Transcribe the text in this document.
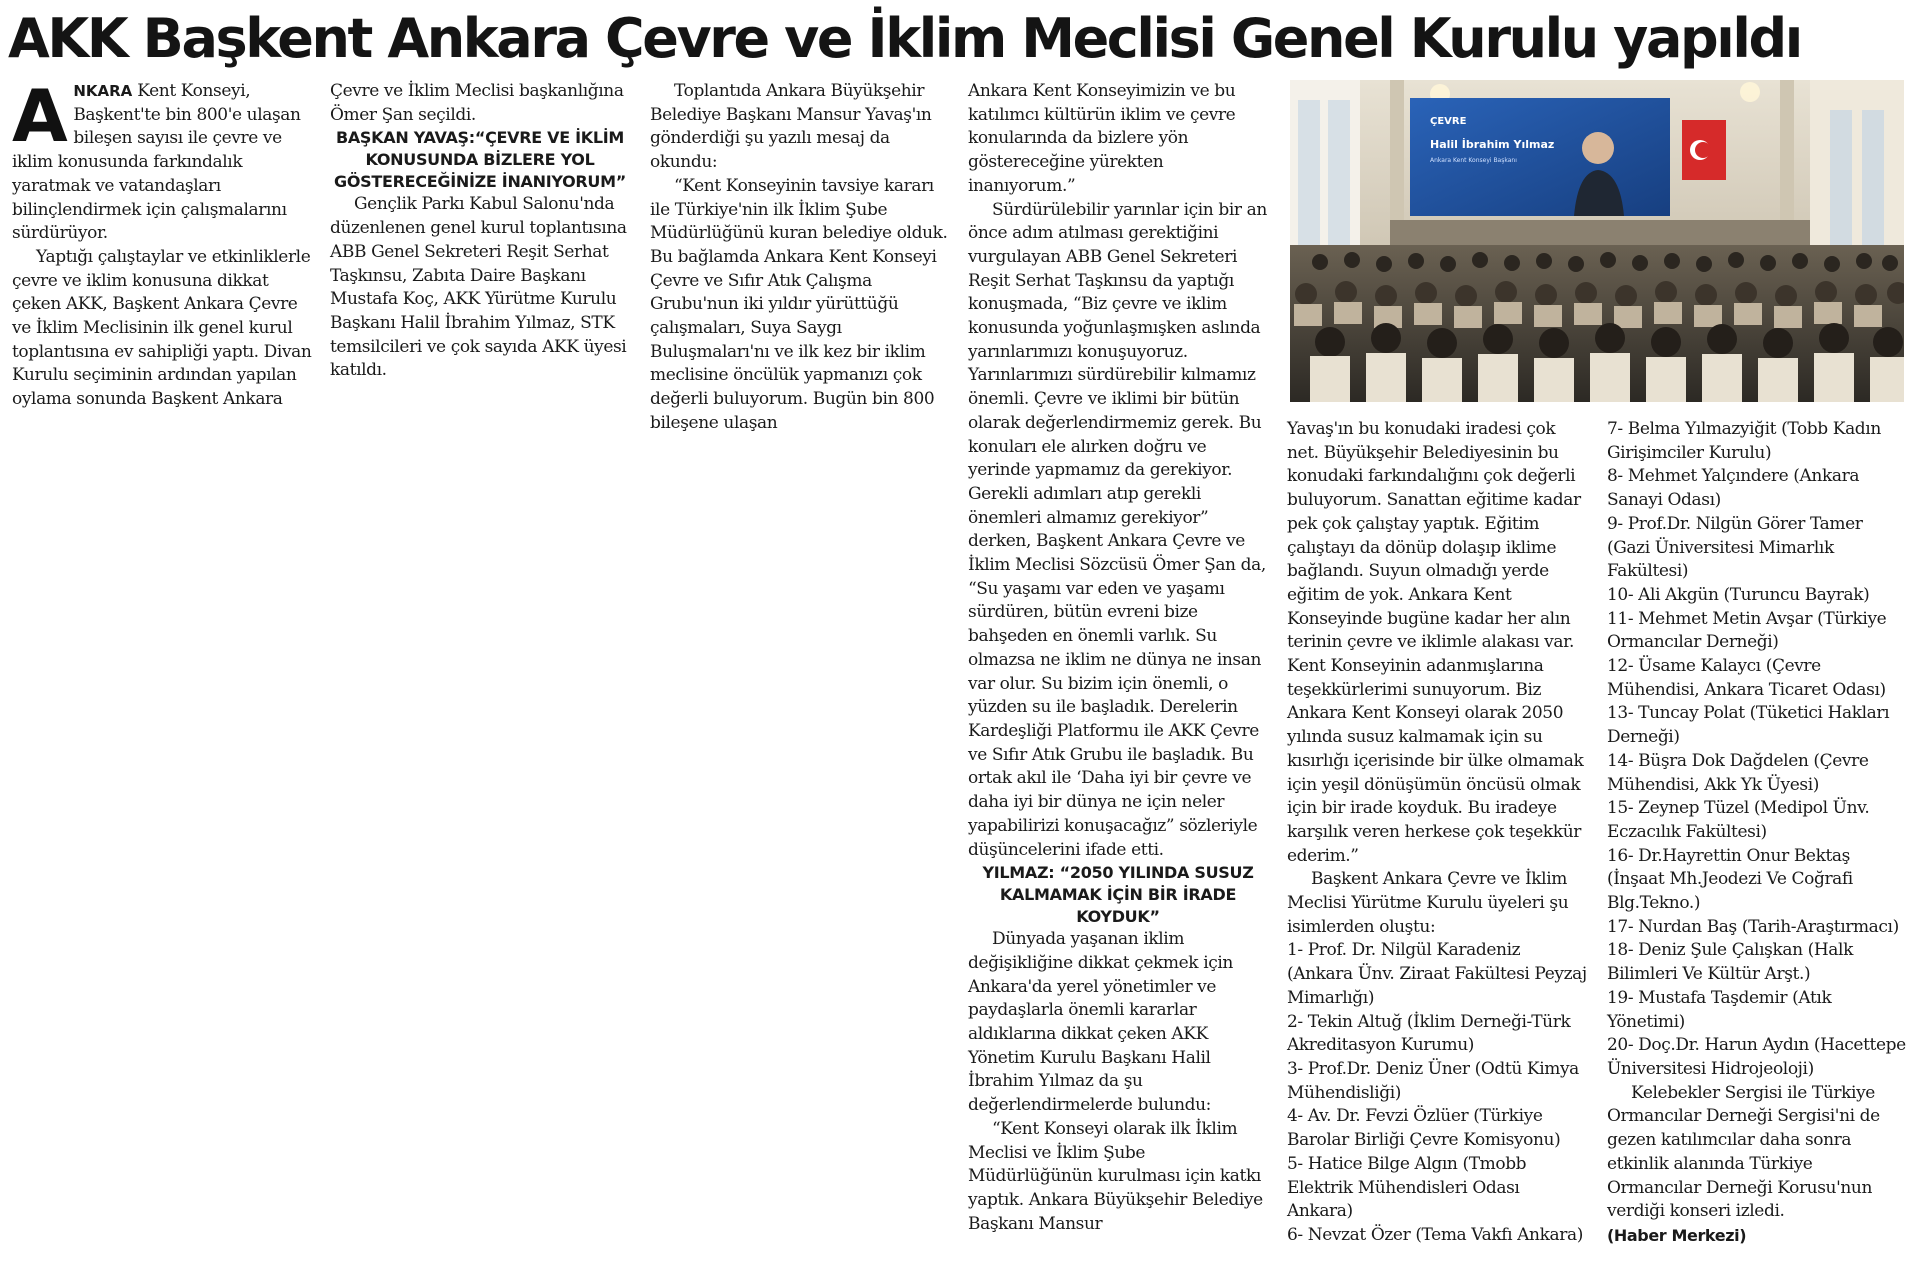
AKK Başkent Ankara Çevre ve İklim Meclisi Genel Kurulu yapıldı

ANKARA Kent Konseyi, Başkent'te bin 800'e ulaşan bileşen sayısı ile çevre ve iklim konusunda farkındalık yaratmak ve vatandaşları bilinçlendirmek için çalışmalarını sürdürüyor.

Yaptığı çalıştaylar ve etkinliklerle çevre ve iklim konusuna dikkat çeken AKK, Başkent Ankara Çevre ve İklim Meclisinin ilk genel kurul toplantısına ev sahipliği yaptı. Divan Kurulu seçiminin ardından yapılan oylama sonunda Başkent Ankara

Çevre ve İklim Meclisi başkanlığına Ömer Şan seçildi.

BAŞKAN YAVAŞ:“ÇEVRE VE İKLİM KONUSUNDA BİZLERE YOL GÖSTERECEĞİNİZE İNANIYORUM”

Gençlik Parkı Kabul Salonu'nda düzenlenen genel kurul toplantısına ABB Genel Sekreteri Reşit Serhat Taşkınsu, Zabıta Daire Başkanı Mustafa Koç, AKK Yürütme Kurulu Başkanı Halil İbrahim Yılmaz, STK temsilcileri ve çok sayıda AKK üyesi katıldı.

Toplantıda Ankara Büyükşehir Belediye Başkanı Mansur Yavaş'ın gönderdiği şu yazılı mesaj da okundu:

“Kent Konseyinin tavsiye kararı ile Türkiye'nin ilk İklim Şube Müdürlüğünü kuran belediye olduk. Bu bağlamda Ankara Kent Konseyi Çevre ve Sıfır Atık Çalışma Grubu'nun iki yıldır yürüttüğü çalışmaları, Suya Saygı Buluşmaları'nı ve ilk kez bir iklim meclisine öncülük yapmanızı çok değerli buluyorum. Bugün bin 800 bileşene ulaşan

Ankara Kent Konseyimizin ve bu katılımcı kültürün iklim ve çevre konularında da bizlere yön göstereceğine yürekten inanıyorum.”

Sürdürülebilir yarınlar için bir an önce adım atılması gerektiğini vurgulayan ABB Genel Sekreteri Reşit Serhat Taşkınsu da yaptığı konuşmada, “Biz çevre ve iklim konusunda yoğunlaşmışken aslında yarınlarımızı konuşuyoruz. Yarınlarımızı sürdürebilir kılmamız önemli. Çevre ve iklimi bir bütün olarak değerlendirmemiz gerek. Bu konuları ele alırken doğru ve yerinde yapmamız da gerekiyor. Gerekli adımları atıp gerekli önemleri almamız gerekiyor” derken, Başkent Ankara Çevre ve İklim Meclisi Sözcüsü Ömer Şan da, “Su yaşamı var eden ve yaşamı sürdüren, bütün evreni bize bahşeden en önemli varlık. Su olmazsa ne iklim ne dünya ne insan var olur. Su bizim için önemli, o yüzden su ile başladık. Derelerin Kardeşliği Platformu ile AKK Çevre ve Sıfır Atık Grubu ile başladık. Bu ortak akıl ile ‘Daha iyi bir çevre ve daha iyi bir dünya ne için neler yapabilirizi konuşacağız” sözleriyle düşüncelerini ifade etti.

YILMAZ: “2050 YILINDA SUSUZ KALMAMAK İÇİN BİR İRADE KOYDUK”

Dünyada yaşanan iklim değişikliğine dikkat çekmek için Ankara'da yerel yönetimler ve paydaşlarla önemli kararlar aldıklarına dikkat çeken AKK Yönetim Kurulu Başkanı Halil İbrahim Yılmaz da şu değerlendirmelerde bulundu:

“Kent Konseyi olarak ilk İklim Meclisi ve İklim Şube Müdürlüğünün kurulması için katkı yaptık. Ankara Büyükşehir Belediye Başkanı Mansur

ÇEVRE
Halil İbrahim Yılmaz
Ankara Kent Konseyi Başkanı

Yavaş'ın bu konudaki iradesi çok net. Büyükşehir Belediyesinin bu konudaki farkındalığını çok değerli buluyorum. Sanattan eğitime kadar pek çok çalıştay yaptık. Eğitim çalıştayı da dönüp dolaşıp iklime bağlandı. Suyun olmadığı yerde eğitim de yok. Ankara Kent Konseyinde bugüne kadar her alın terinin çevre ve iklimle alakası var. Kent Konseyinin adanmışlarına teşekkürlerimi sunuyorum. Biz Ankara Kent Konseyi olarak 2050 yılında susuz kalmamak için su kısırlığı içerisinde bir ülke olmamak için yeşil dönüşümün öncüsü olmak için bir irade koyduk. Bu iradeye karşılık veren herkese çok teşekkür ederim.”

Başkent Ankara Çevre ve İklim Meclisi Yürütme Kurulu üyeleri şu isimlerden oluştu:

1- Prof. Dr. Nilgül Karadeniz (Ankara Ünv. Ziraat Fakültesi Peyzaj Mimarlığı)

2- Tekin Altuğ (İklim Derneği-Türk Akreditasyon Kurumu)

3- Prof.Dr. Deniz Üner (Odtü Kimya Mühendisliği)

4- Av. Dr. Fevzi Özlüer (Türkiye Barolar Birliği Çevre Komisyonu)

5- Hatice Bilge Algın (Tmobb Elektrik Mühendisleri Odası Ankara)

6- Nevzat Özer (Tema Vakfı Ankara)

7- Belma Yılmazyiğit (Tobb Kadın Girişimciler Kurulu)

8- Mehmet Yalçındere (Ankara Sanayi Odası)

9- Prof.Dr. Nilgün Görer Tamer (Gazi Üniversitesi Mimarlık Fakültesi)

10- Ali Akgün (Turuncu Bayrak)

11- Mehmet Metin Avşar (Türkiye Ormancılar Derneği)

12- Üsame Kalaycı (Çevre Mühendisi, Ankara Ticaret Odası)

13- Tuncay Polat (Tüketici Hakları Derneği)

14- Büşra Dok Dağdelen (Çevre Mühendisi, Akk Yk Üyesi)

15- Zeynep Tüzel (Medipol Ünv. Eczacılık Fakültesi)

16- Dr.Hayrettin Onur Bektaş (İnşaat Mh.Jeodezi Ve Coğrafi Blg.Tekno.)

17- Nurdan Baş (Tarih-Araştırmacı)

18- Deniz Şule Çalışkan (Halk Bilimleri Ve Kültür Arşt.)

19- Mustafa Taşdemir (Atık Yönetimi)

20- Doç.Dr. Harun Aydın (Hacettepe Üniversitesi Hidrojeoloji)

Kelebekler Sergisi ile Türkiye Ormancılar Derneği Sergisi'ni de gezen katılımcılar daha sonra etkinlik alanında Türkiye Ormancılar Derneği Korusu'nun verdiği konseri izledi.

(Haber Merkezi)
